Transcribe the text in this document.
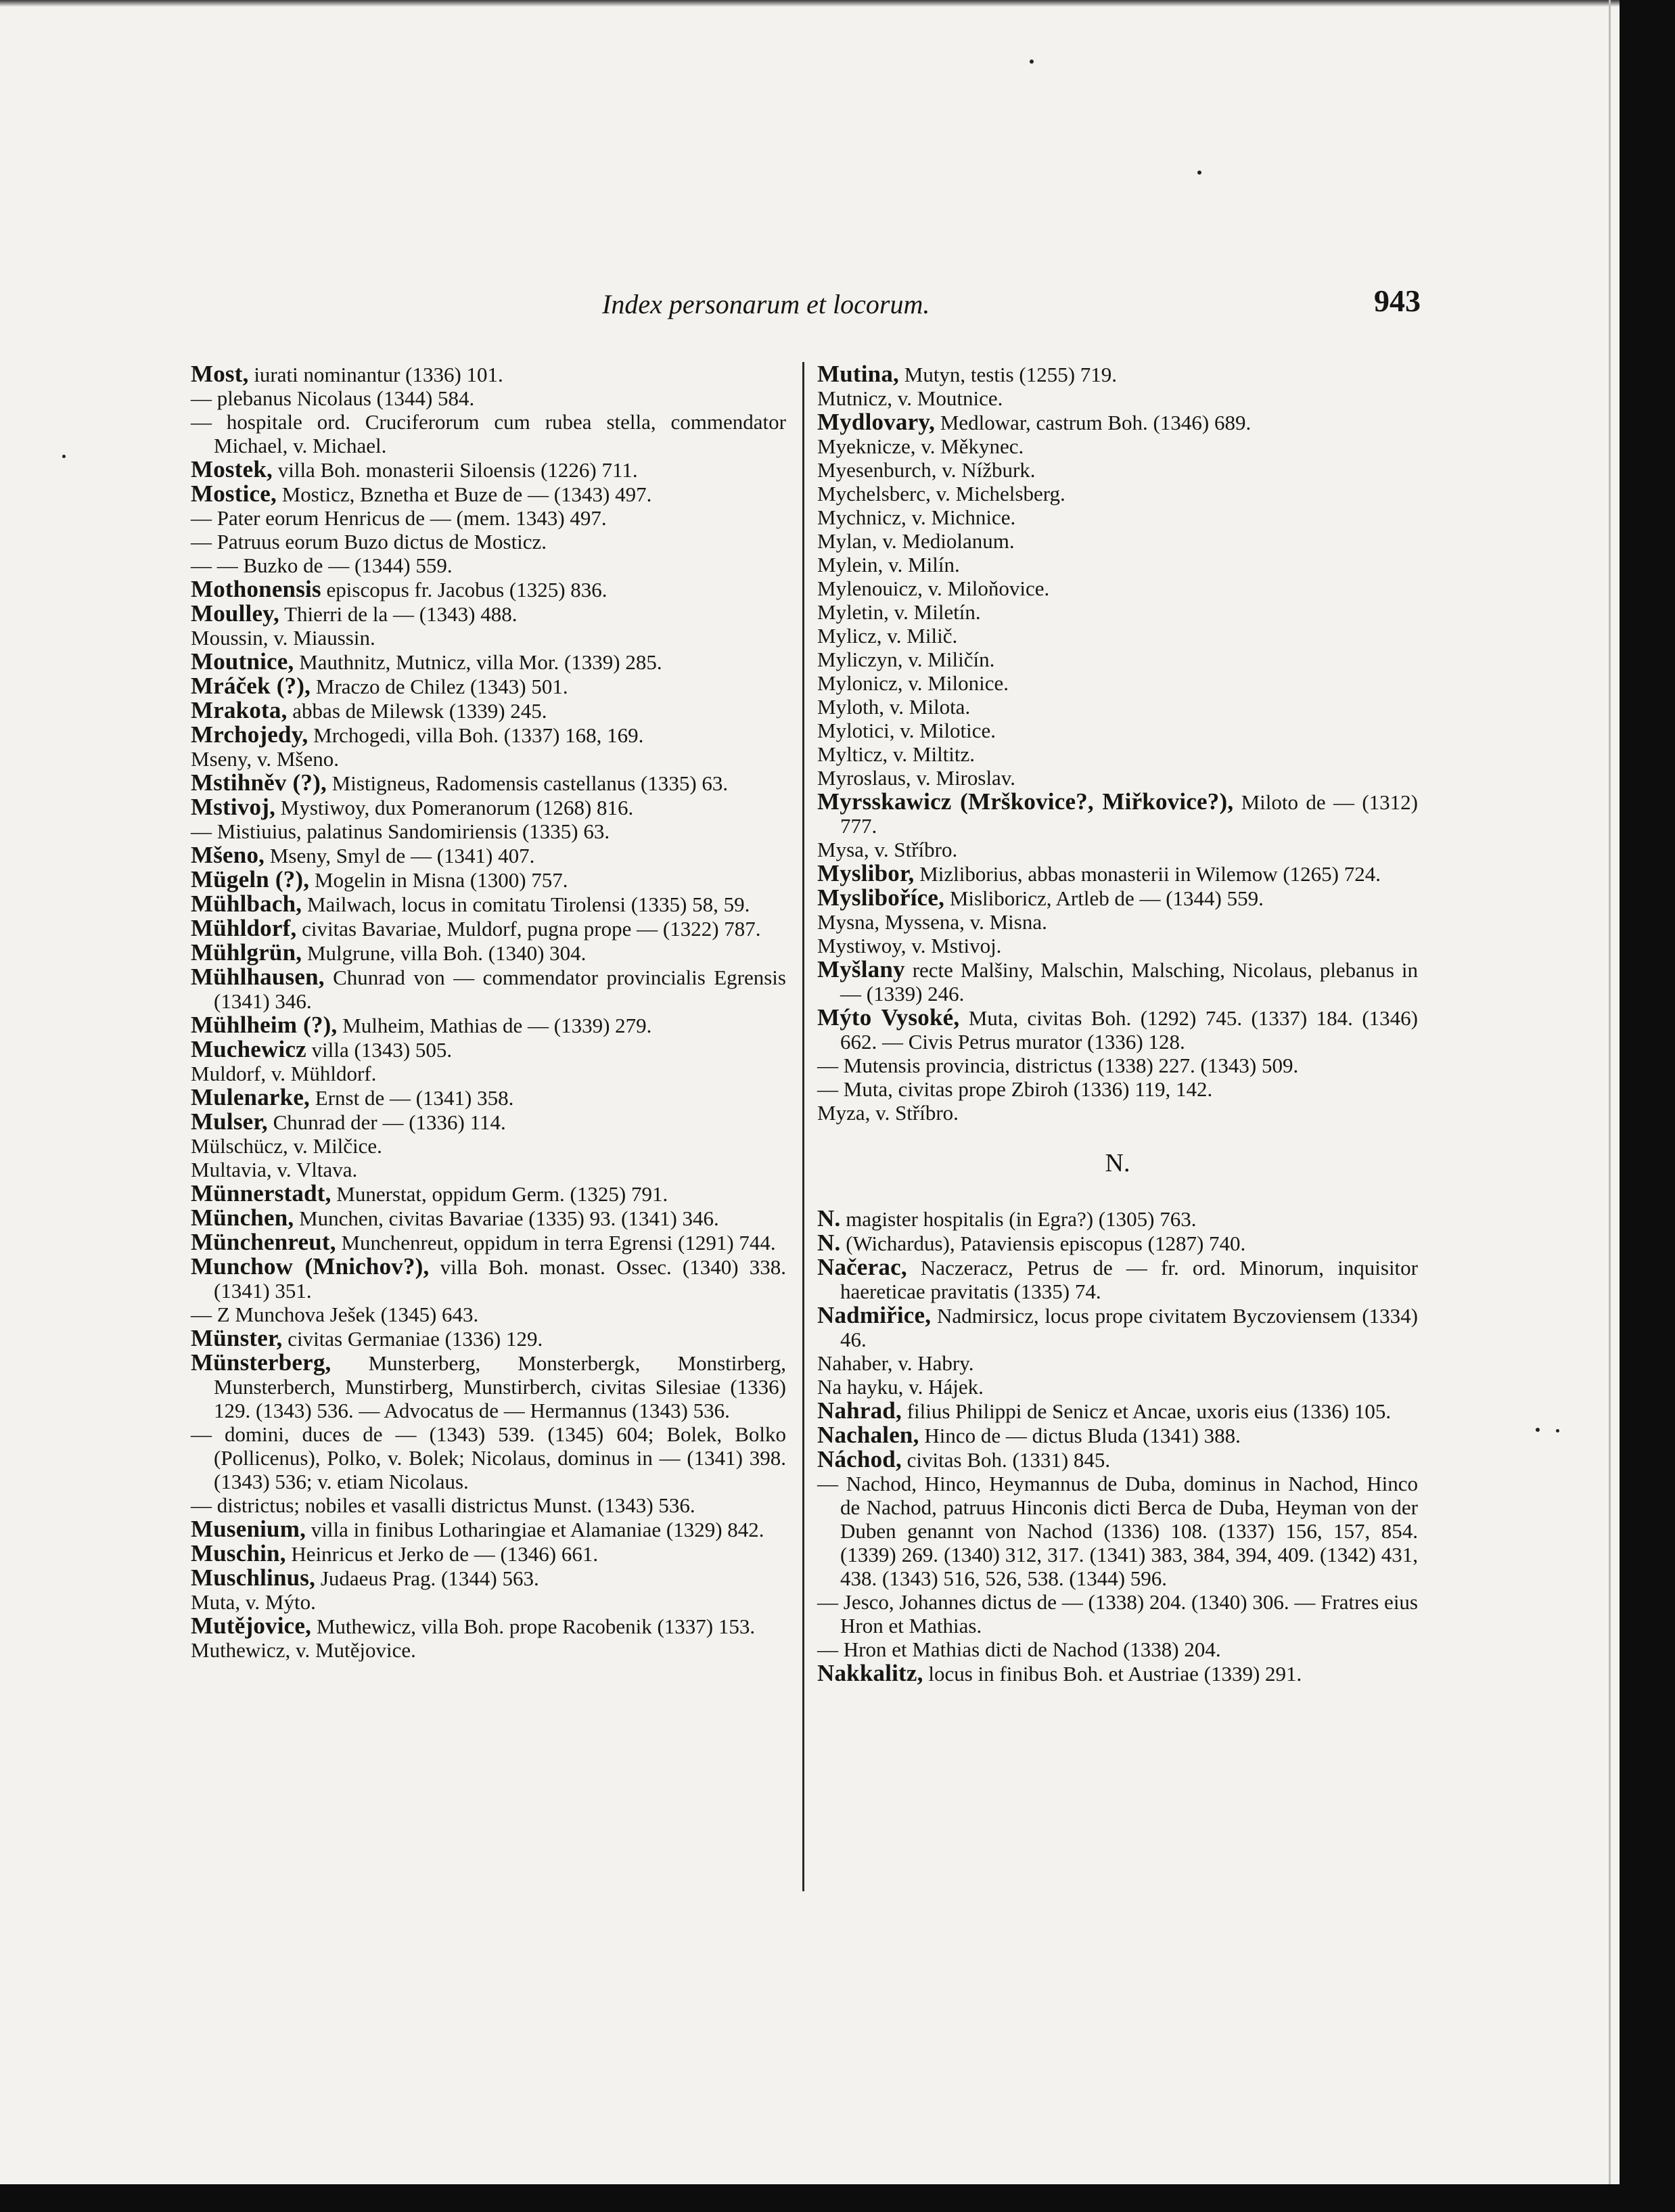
Index personarum et locorum.	943
Most, iurati nominantur (1336) 101.
— plebanus Nicolaus (1344) 584.
— hospitale ord. Cruciferorum cum rubea stella, commendator Michael, v. Michael.
Mostek, villa Boh. monasterii Siloensis (1226) 711.
Mostice, Mosticz, Bznetha et Buze de — (1343) 497.
— Pater eorum Henricus de — (mem. 1343) 497.
— Patruus eorum Buzo dictus de Mosticz.
— — Buzko de — (1344) 559.
Mothonensis episcopus fr. Jacobus (1325) 836.
Moulley, Thierri de la — (1343) 488.
Moussin, v. Miaussin.
Moutnice, Mauthnitz, Mutnicz, villa Mor. (1339) 285.
Mráček (?), Mraczo de Chilez (1343) 501.
Mrakota, abbas de Milewsk (1339) 245.
Mrchojedy, Mrchogedi, villa Boh. (1337) 168, 169.
Mseny, v. Mšeno.
Mstihněv (?), Mistigneus, Radomensis castellanus (1335) 63.
Mstivoj, Mystiwoy, dux Pomeranorum (1268) 816.
— Mistiuius, palatinus Sandomiriensis (1335) 63.
Mšeno, Mseny, Smyl de — (1341) 407.
Mügeln (?), Mogelin in Misna (1300) 757.
Mühlbach, Mailwach, locus in comitatu Tirolensi (1335) 58, 59.
Mühldorf, civitas Bavariae, Muldorf, pugna prope — (1322) 787.
Mühlgrün, Mulgrune, villa Boh. (1340) 304.
Mühlhausen, Chunrad von — commendator provincialis Egrensis (1341) 346.
Mühlheim (?), Mulheim, Mathias de — (1339) 279.
Muchewicz villa (1343) 505.
Muldorf, v. Mühldorf.
Mulenarke, Ernst de — (1341) 358.
Mulser, Chunrad der — (1336) 114.
Mülschücz, v. Milčice.
Multavia, v. Vltava.
Münnerstadt, Munerstat, oppidum Germ. (1325) 791.
München, Munchen, civitas Bavariae (1335) 93. (1341) 346.
Münchenreut, Munchenreut, oppidum in terra Egrensi (1291) 744.
Munchow (Mnichov?), villa Boh. monast. Ossec. (1340) 338. (1341) 351.
— Z Munchova Ješek (1345) 643.
Münster, civitas Germaniae (1336) 129.
Münsterberg, Munsterberg, Monsterbergk, Monstirberg, Munsterberch, Munstirberg, Munstirberch, civitas Silesiae (1336) 129. (1343) 536. — Advocatus de — Hermannus (1343) 536.
— domini, duces de — (1343) 539. (1345) 604; Bolek, Bolko (Pollicenus), Polko, v. Bolek; Nicolaus, dominus in — (1341) 398. (1343) 536; v. etiam Nicolaus.
— districtus; nobiles et vasalli districtus Munst. (1343) 536.
Musenium, villa in finibus Lotharingiae et Alamaniae (1329) 842.
Muschin, Heinricus et Jerko de — (1346) 661.
Muschlinus, Judaeus Prag. (1344) 563.
Muta, v. Mýto.
Mutějovice, Muthewicz, villa Boh. prope Racobenik (1337) 153.
Muthewicz, v. Mutějovice.
Mutina, Mutyn, testis (1255) 719.
Mutnicz, v. Moutnice.
Mydlovary, Medlowar, castrum Boh. (1346) 689.
Myeknicze, v. Měkynec.
Myesenburch, v. Nížburk.
Mychelsberc, v. Michelsberg.
Mychnicz, v. Michnice.
Mylan, v. Mediolanum.
Mylein, v. Milín.
Mylenouicz, v. Miloňovice.
Myletin, v. Miletín.
Mylicz, v. Milič.
Myliczyn, v. Miličín.
Mylonicz, v. Milonice.
Myloth, v. Milota.
Mylotici, v. Milotice.
Mylticz, v. Miltitz.
Myroslaus, v. Miroslav.
Myrsskawicz (Mrškovice?, Miřkovice?), Miloto de — (1312) 777.
Mysa, v. Stříbro.
Myslibor, Mizliborius, abbas monasterii in Wilemow (1265) 724.
Mysliboříce, Misliboricz, Artleb de — (1344) 559.
Mysna, Myssena, v. Misna.
Mystiwoy, v. Mstivoj.
Myšlany recte Malšiny, Malschin, Malsching, Nicolaus, plebanus in — (1339) 246.
Mýto Vysoké, Muta, civitas Boh. (1292) 745. (1337) 184. (1346) 662. — Civis Petrus murator (1336) 128.
— Mutensis provincia, districtus (1338) 227. (1343) 509.
— Muta, civitas prope Zbiroh (1336) 119, 142.
Myza, v. Stříbro.
N.
N. magister hospitalis (in Egra?) (1305) 763.
N. (Wichardus), Pataviensis episcopus (1287) 740.
Načerac, Naczeracz, Petrus de — fr. ord. Minorum, inquisitor haereticae pravitatis (1335) 74.
Nadmiřice, Nadmirsicz, locus prope civitatem Byczoviensem (1334) 46.
Nahaber, v. Habry.
Na hayku, v. Hájek.
Nahrad, filius Philippi de Senicz et Ancae, uxoris eius (1336) 105.
Nachalen, Hinco de — dictus Bluda (1341) 388.
Náchod, civitas Boh. (1331) 845.
— Nachod, Hinco, Heymannus de Duba, dominus in Nachod, Hinco de Nachod, patruus Hinconis dicti Berca de Duba, Heyman von der Duben genannt von Nachod (1336) 108. (1337) 156, 157, 854. (1339) 269. (1340) 312, 317. (1341) 383, 384, 394, 409. (1342) 431, 438. (1343) 516, 526, 538. (1344) 596.
— Jesco, Johannes dictus de — (1338) 204. (1340) 306. — Fratres eius Hron et Mathias.
— Hron et Mathias dicti de Nachod (1338) 204.
Nakkalitz, locus in finibus Boh. et Austriae (1339) 291.
